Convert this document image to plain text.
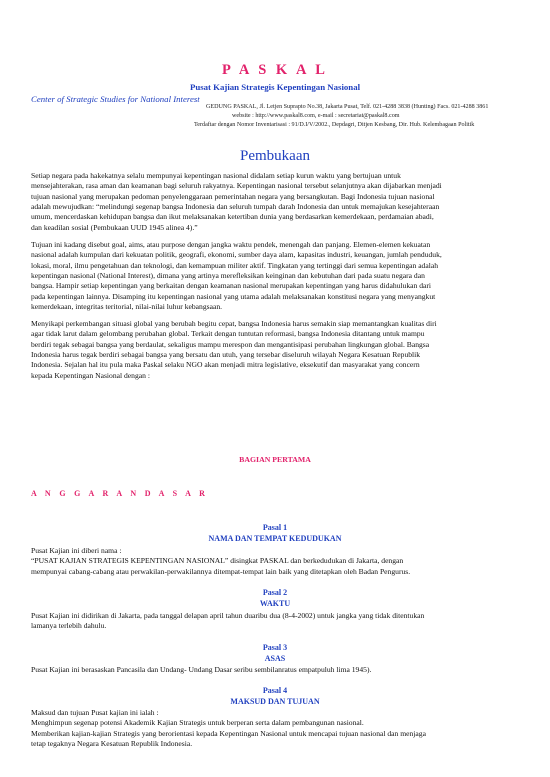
P A S K A L
Pusat Kajian Strategis Kepentingan Nasional
Center of Strategic Studies for National Interest
GEDUNG PASKAL, Jl. Letjen Suprapto No.38, Jakarta Pusat, Telf. 021-4288 3838 (Hunting) Facs. 021-4288 3861
website : http://www.paskal8.com, e-mail : secretariat@paskal8.com
Terdaftar dengan Nomor Inventarisasi : 91/D.I/V/2002., Depdagri, Ditjen Kesbang, Dir. Hub. Kelembagaan Politik
Pembukaan
Setiap negara pada hakekatnya selalu mempunyai kepentingan nasional didalam setiap kurun waktu yang bertujuan untuk
mensejahterakan, rasa aman dan keamanan bagi seluruh rakyatnya. Kepentingan nasional tersebut selanjutnya akan dijabarkan menjadi
tujuan nasional yang merupakan pedoman penyelenggaraan pemerintahan negara yang bersangkutan. Bagi Indonesia tujuan nasional
adalah mewujudkan: “melindungi segenap bangsa Indonesia dan seluruh tumpah darah Indonesia dan untuk memajukan kesejahteraan
umum, mencerdaskan kehidupan bangsa dan ikut melaksanakan ketertiban dunia yang berdasarkan kemerdekaan, perdamaian abadi,
dan keadilan sosial (Pembukaan UUD 1945 alinea 4).”
Tujuan ini kadang disebut goal, aims, atau purpose dengan jangka waktu pendek, menengah dan panjang. Elemen-elemen kekuatan
nasional adalah kumpulan dari kekuatan politik, geografi, ekonomi, sumber daya alam, kapasitas industri, keuangan, jumlah penduduk,
lokasi, moral, ilmu pengetahuan dan teknologi, dan kemampuan militer aktif. Tingkatan yang tertinggi dari semua kepentingan adalah
kepentingan nasional (National Interest), dimana yang artinya merefleksikan keinginan dan kebutuhan dari pada suatu negara dan
bangsa. Hampir setiap kepentingan yang berkaitan dengan keamanan nasional merupakan kepentingan yang harus didahulukan dari
pada kepentingan lainnya. Disamping itu kepentingan nasional yang utama adalah melaksanakan konstitusi negara yang menyangkut
kemerdekaan, integritas teritorial, nilai-nilai luhur kebangsaan.
Menyikapi perkembangan situasi global yang berubah begitu cepat, bangsa Indonesia harus semakin siap memantangkan kualitas diri
agar tidak larut dalam gelombang perubahan global. Terkait dengan tuntutan reformasi, bangsa Indonesia ditantang untuk mampu
berdiri tegak sebagai bangsa yang berdaulat, sekaligus mampu merespon dan mengantisipasi perubahan lingkungan global. Bangsa
Indonesia harus tegak berdiri sebagai bangsa yang bersatu dan utuh, yang tersebar diseluruh wilayah Negara Kesatuan Republik
Indonesia. Sejalan hal itu pula maka Paskal selaku NGO akan menjadi mitra legislative, eksekutif dan masyarakat yang concern
kepada Kepentingan Nasional dengan :
BAGIAN PERTAMA
A N G G A R A N D A S A R
Pasal 1
NAMA DAN TEMPAT KEDUDUKAN
Pusat Kajian ini diberi nama :
“PUSAT KAJIAN STRATEGIS KEPENTINGAN NASIONAL” disingkat PASKAL dan berkedudukan di Jakarta, dengan
mempunyai cabang-cabang atau perwakilan-perwakilannya ditempat-tempat lain baik yang ditetapkan oleh Badan Pengurus.
Pasal 2
WAKTU
Pusat Kajian ini didirikan di Jakarta, pada tanggal delapan april tahun duaribu dua (8-4-2002) untuk jangka yang tidak ditentukan
lamanya terlebih dahulu.
Pasal 3
ASAS
Pusat Kajian ini berasaskan Pancasila dan Undang- Undang Dasar seribu sembilanratus empatpuluh lima 1945).
Pasal 4
MAKSUD DAN TUJUAN
Maksud dan tujuan Pusat kajian ini ialah :
Menghimpun segenap potensi Akademik Kajian Strategis untuk berperan serta dalam pembangunan nasional.
Memberikan kajian-kajian Strategis yang berorientasi kepada Kepentingan Nasional untuk mencapai tujuan nasional dan menjaga
tetap tegaknya Negara Kesatuan Republik Indonesia.
